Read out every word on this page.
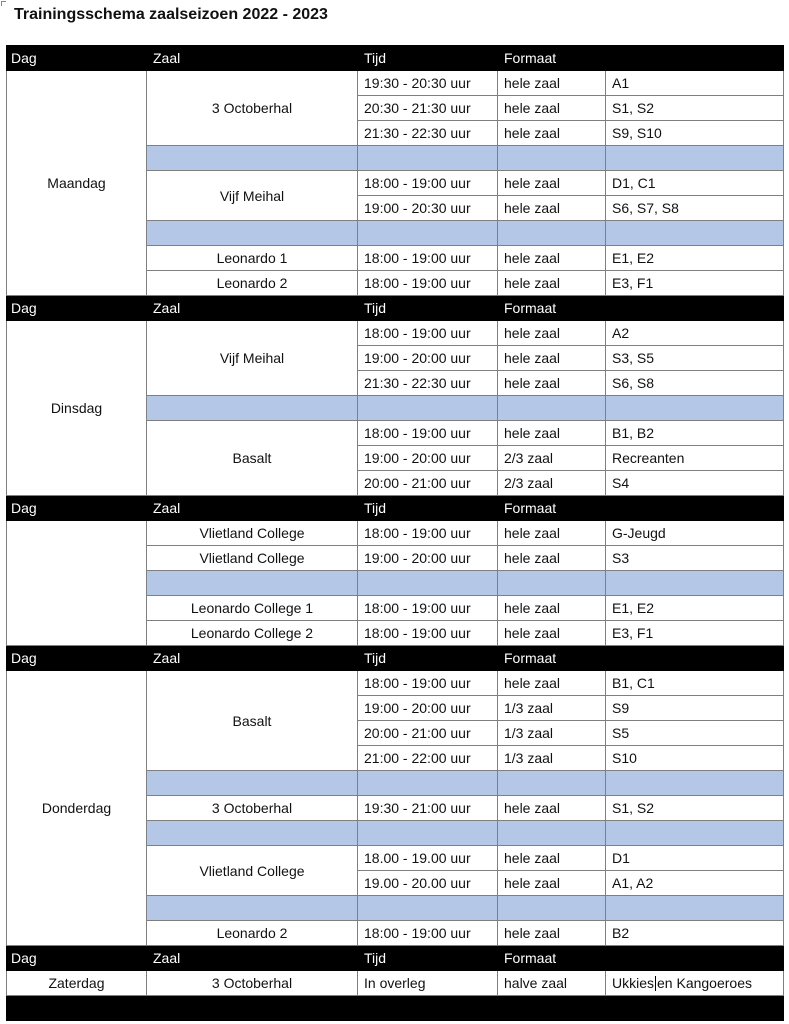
Trainingsschema zaalseizoen 2022 - 2023
Dag	Zaal	Tijd	Formaat	
Maandag	3 Octoberhal	19:30 - 20:30 uur	hele zaal	A1
		20:30 - 21:30 uur	hele zaal	S1, S2
		21:30 - 22:30 uur	hele zaal	S9, S10

	Vijf Meihal	18:00 - 19:00 uur	hele zaal	D1, C1
		19:00 - 20:30 uur	hele zaal	S6, S7, S8

	Leonardo 1	18:00 - 19:00 uur	hele zaal	E1, E2
	Leonardo 2	18:00 - 19:00 uur	hele zaal	E3, F1
Dag	Zaal	Tijd	Formaat	
Dinsdag	Vijf Meihal	18:00 - 19:00 uur	hele zaal	A2
		19:00 - 20:00 uur	hele zaal	S3, S5
		21:30 - 22:30 uur	hele zaal	S6, S8

	Basalt	18:00 - 19:00 uur	hele zaal	B1, B2
		19:00 - 20:00 uur	2/3 zaal	Recreanten
		20:00 - 21:00 uur	2/3 zaal	S4
Dag	Zaal	Tijd	Formaat	
	Vlietland College	18:00 - 19:00 uur	hele zaal	G-Jeugd
	Vlietland College	19:00 - 20:00 uur	hele zaal	S3

	Leonardo College 1	18:00 - 19:00 uur	hele zaal	E1, E2
	Leonardo College 2	18:00 - 19:00 uur	hele zaal	E3, F1
Dag	Zaal	Tijd	Formaat	
Donderdag	Basalt	18:00 - 19:00 uur	hele zaal	B1, C1
		19:00 - 20:00 uur	1/3 zaal	S9
		20:00 - 21:00 uur	1/3 zaal	S5
		21:00 - 22:00 uur	1/3 zaal	S10

	3 Octoberhal	19:30 - 21:00 uur	hele zaal	S1, S2

	Vlietland College	18.00 - 19.00 uur	hele zaal	D1
		19.00 - 20.00 uur	hele zaal	A1, A2

	Leonardo 2	18:00 - 19:00 uur	hele zaal	B2
Dag	Zaal	Tijd	Formaat	
Zaterdag	3 Octoberhal	In overleg	halve zaal	Ukkies en Kangoeroes
